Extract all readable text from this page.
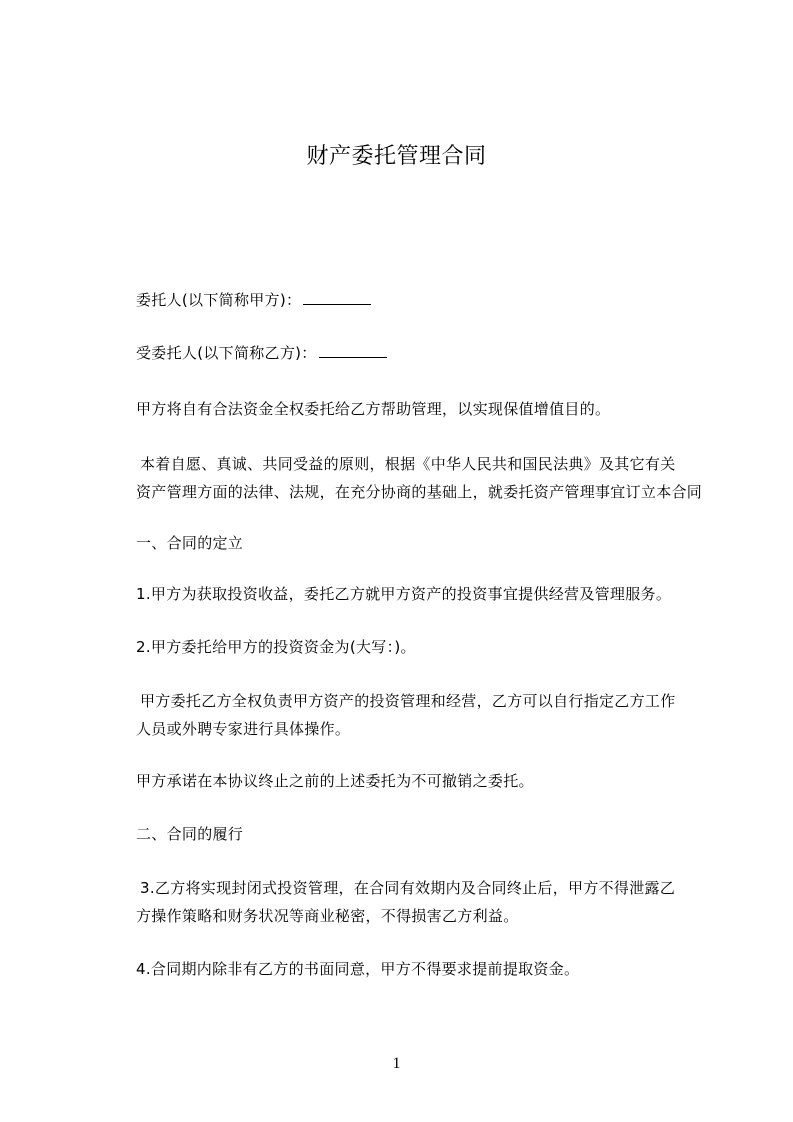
财产委托管理合同
委托人(以下简称甲方)：
受委托人(以下简称乙方)：
甲方将自有合法资金全权委托给乙方帮助管理，以实现保值增值目的。
本着自愿、真诚、共同受益的原则，根据《中华人民共和国民法典》及其它有关
资产管理方面的法律、法规，在充分协商的基础上，就委托资产管理事宜订立本合同
一、合同的定立
1.甲方为获取投资收益，委托乙方就甲方资产的投资事宜提供经营及管理服务。
2.甲方委托给甲方的投资资金为(大写：)。
甲方委托乙方全权负责甲方资产的投资管理和经营，乙方可以自行指定乙方工作
人员或外聘专家进行具体操作。
甲方承诺在本协议终止之前的上述委托为不可撤销之委托。
二、合同的履行
3.乙方将实现封闭式投资管理，在合同有效期内及合同终止后，甲方不得泄露乙
方操作策略和财务状况等商业秘密，不得损害乙方利益。
4.合同期内除非有乙方的书面同意，甲方不得要求提前提取资金。
1
